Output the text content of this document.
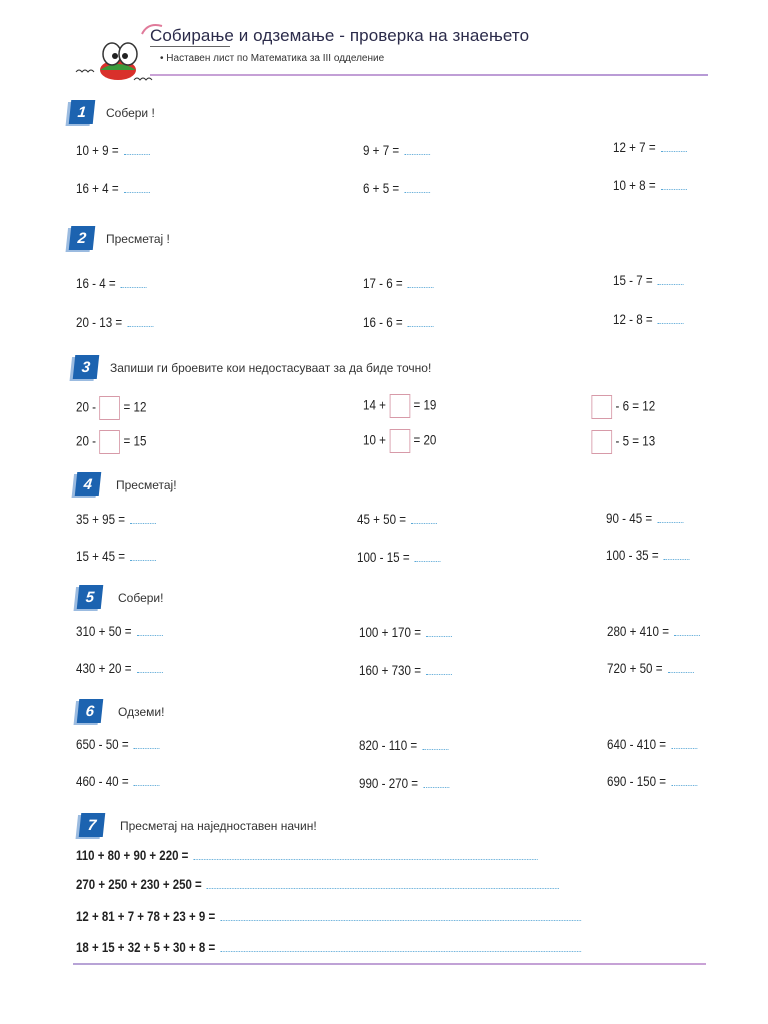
Собирање и одземање - проверка на знаењето
• Наставен лист по Математика за III одделение
1	Собери !
10 + 9 =	9 + 7 =	12 + 7 =
16 + 4 =	6 + 5 =	10 + 8 =
2	Пресметај !
16 - 4 =	17 - 6 =	15 - 7 =
20 - 13 =	16 - 6 =	12 - 8 =
3	Запиши ги броевите кои недостасуваат за да биде точно!
20 - = 12	14 + = 19	- 6 = 12
20 - = 15	10 + = 20	- 5 = 13
4	Пресметај!
35 + 95 =	45 + 50 =	90 - 45 =
15 + 45 =	100 - 15 =	100 - 35 =
5	Собери!
310 + 50 =	100 + 170 =	280 + 410 =
430 + 20 =	160 + 730 =	720 + 50 =
6	Одземи!
650 - 50 =	820 - 110 =	640 - 410 =
460 - 40 =	990 - 270 =	690 - 150 =
7	Пресметај на наједноставен начин!
110 + 80 + 90 + 220 =
270 + 250 + 230 + 250 =
12 + 81 + 7 + 78 + 23 + 9 =
18 + 15 + 32 + 5 + 30 + 8 =
